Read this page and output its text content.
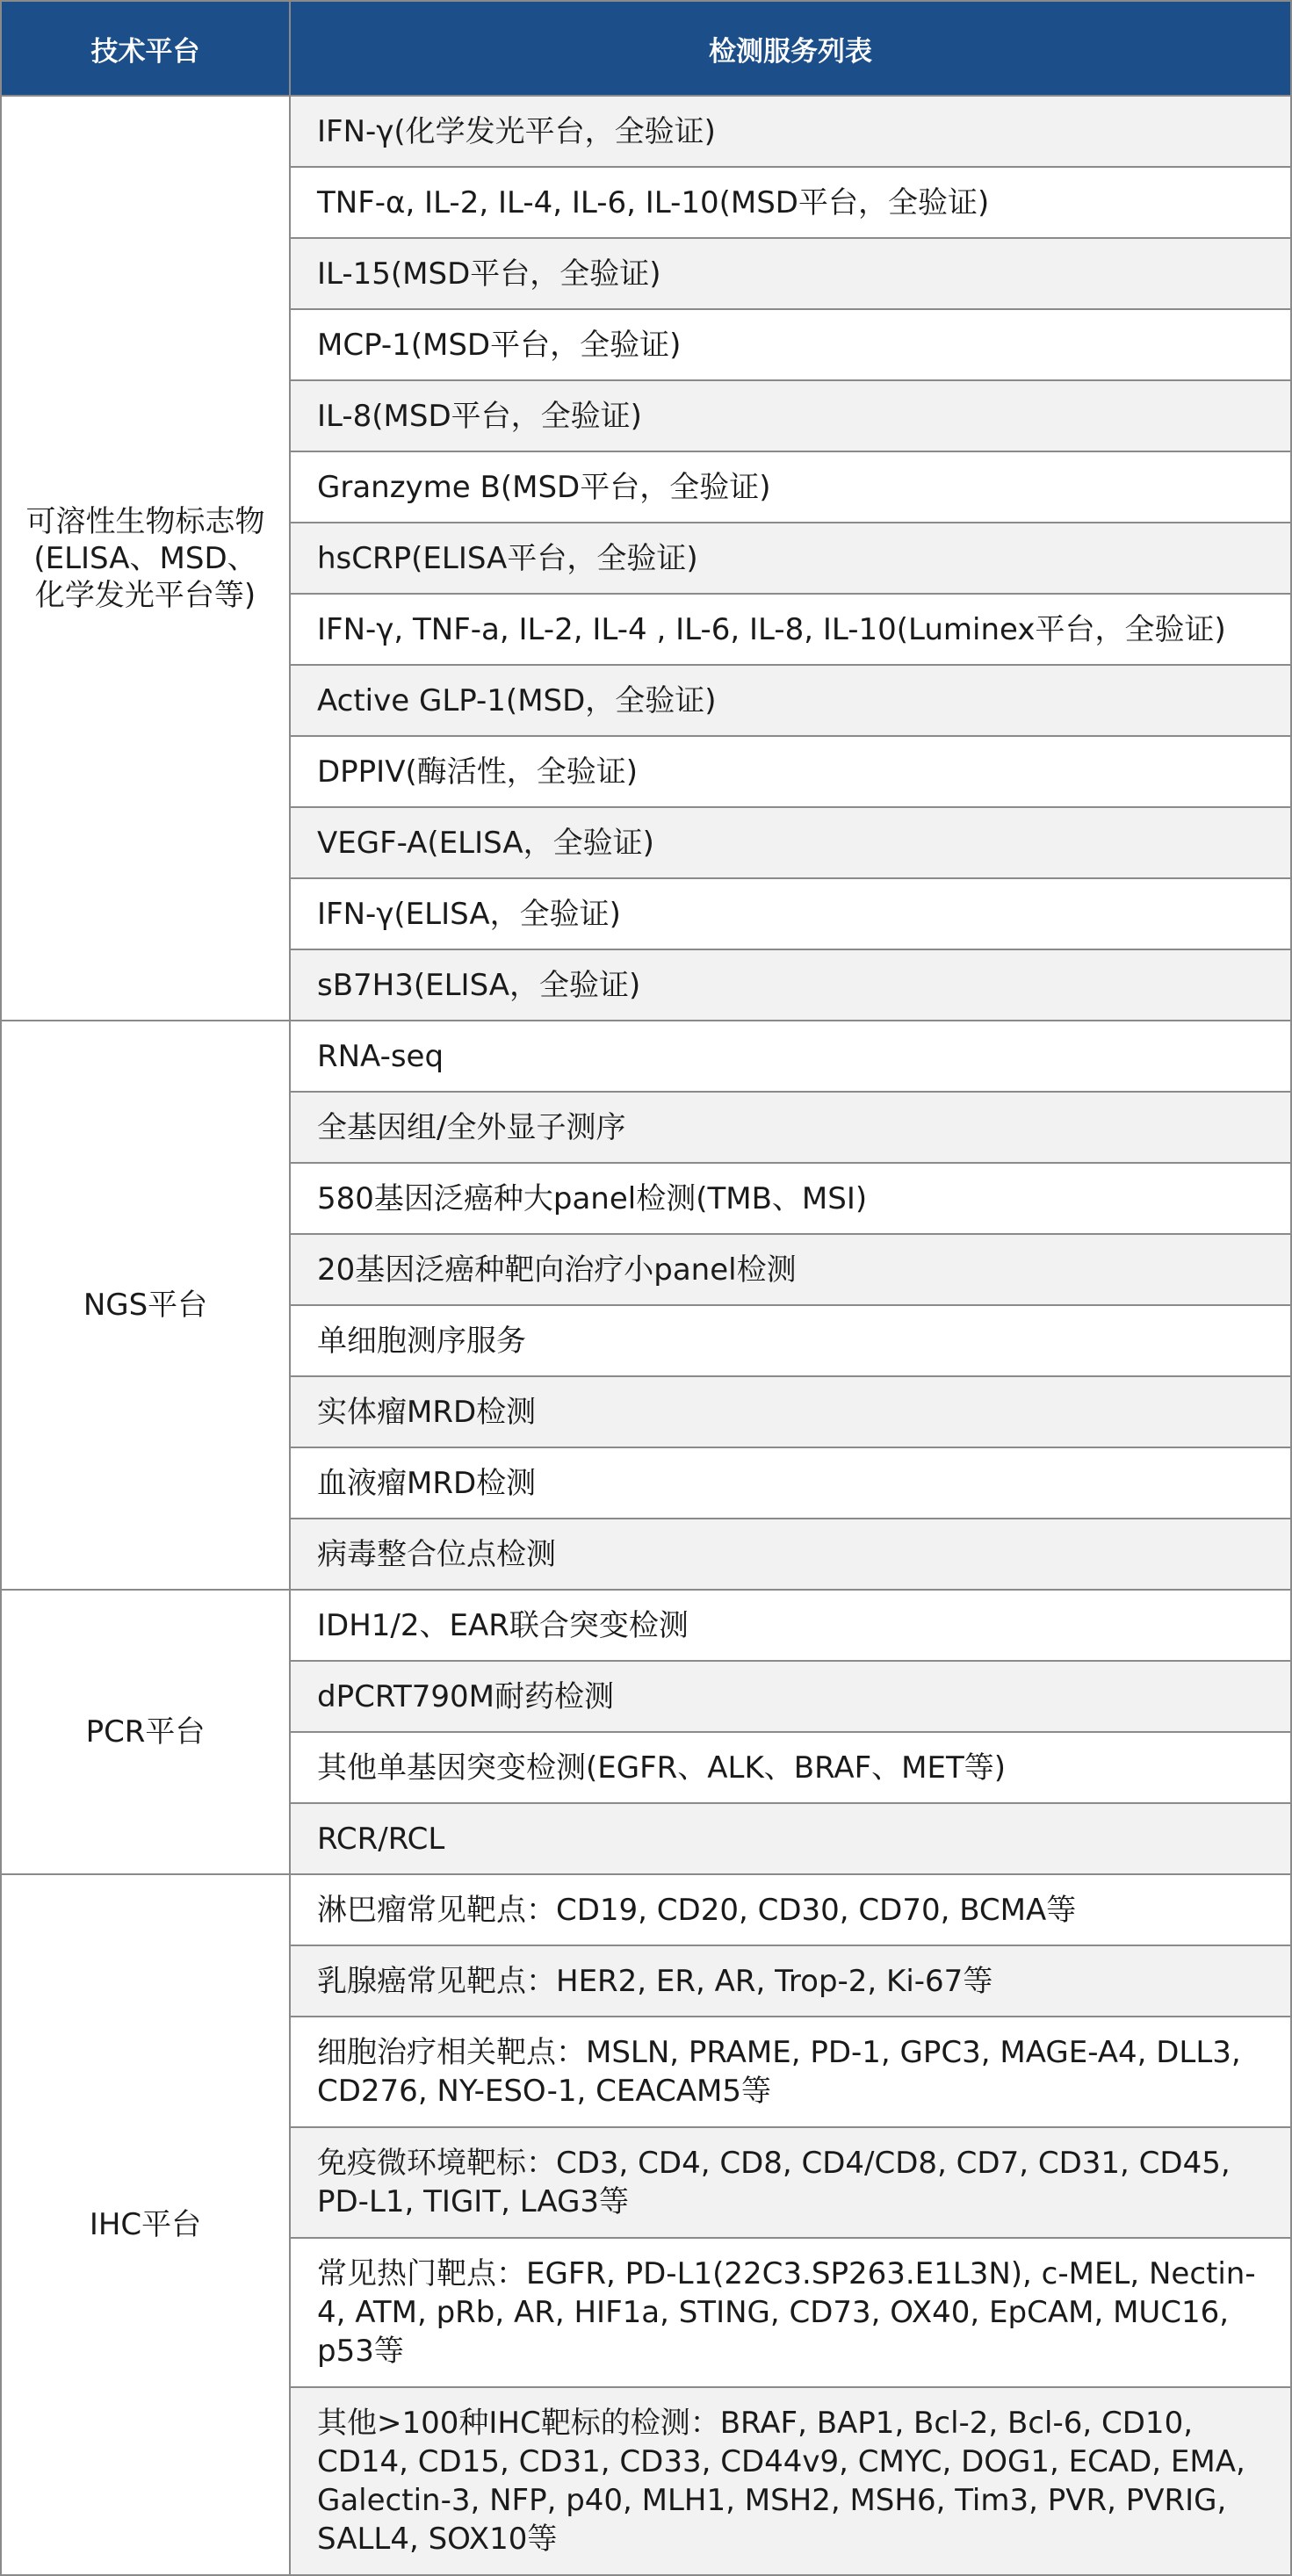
技术平台	检测服务列表
可溶性生物标志物(ELISA、MSD、化学发光平台等)	IFN-γ(化学发光平台，全验证)
	TNF-α, IL-2, IL-4, IL-6, IL-10(MSD平台，全验证)
	IL-15(MSD平台，全验证)
	MCP-1(MSD平台，全验证)
	IL-8(MSD平台，全验证)
	Granzyme B(MSD平台，全验证)
	hsCRP(ELISA平台，全验证)
	IFN-γ, TNF-a, IL-2, IL-4 , IL-6, IL-8, IL-10(Luminex平台，全验证)
	Active GLP-1(MSD，全验证)
	DPPIV(酶活性，全验证)
	VEGF-A(ELISA，全验证)
	IFN-γ(ELISA，全验证)
	sB7H3(ELISA，全验证)
NGS平台	RNA-seq
	全基因组/全外显子测序
	580基因泛癌种大panel检测(TMB、MSI)
	20基因泛癌种靶向治疗小panel检测
	单细胞测序服务
	实体瘤MRD检测
	血液瘤MRD检测
	病毒整合位点检测
PCR平台	IDH1/2、EAR联合突变检测
	dPCRT790M耐药检测
	其他单基因突变检测(EGFR、ALK、BRAF、MET等)
	RCR/RCL
IHC平台	淋巴瘤常见靶点：CD19, CD20, CD30, CD70, BCMA等
	乳腺癌常见靶点：HER2, ER, AR, Trop-2, Ki-67等
	细胞治疗相关靶点：MSLN, PRAME, PD-1, GPC3, MAGE-A4, DLL3, CD276, NY-ESO-1, CEACAM5等
	免疫微环境靶标：CD3, CD4, CD8, CD4/CD8, CD7, CD31, CD45, PD-L1, TIGIT, LAG3等
	常见热门靶点：EGFR, PD-L1(22C3.SP263.E1L3N), c-MEL, Nectin-4, ATM, pRb, AR, HIF1a, STING, CD73, OX40, EpCAM, MUC16, p53等
	其他>100种IHC靶标的检测：BRAF, BAP1, Bcl-2, Bcl-6, CD10, CD14, CD15, CD31, CD33, CD44v9, CMYC, DOG1, ECAD, EMA, Galectin-3, NFP, p40, MLH1, MSH2, MSH6, Tim3, PVR, PVRIG, SALL4, SOX10等
